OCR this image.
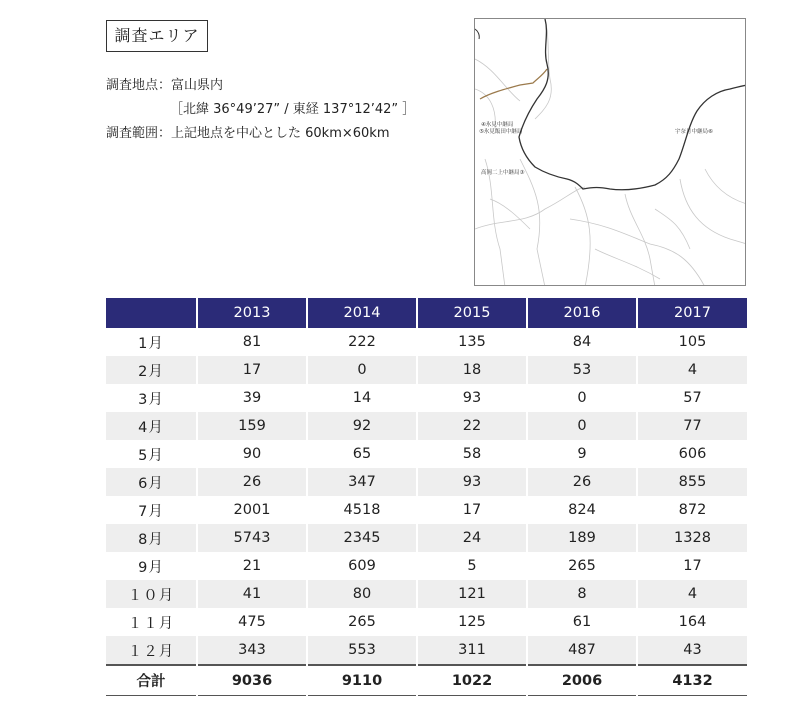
調査エリア
調査地点：富山県内
［北緯 36°49’27” / 東経 137°12’42” ］
調査範囲：上記地点を中心とした 60km×60km
④氷見中継局
⑤氷見飯田中継局	宇奈月中継局⑥
高岡二上中継局③
	2013	2014	2015	2016	2017
1月	81	222	135	84	105
2月	17	0	18	53	4
3月	39	14	93	0	57
4月	159	92	22	0	77
5月	90	65	58	9	606
6月	26	347	93	26	855
7月	2001	4518	17	824	872
8月	5743	2345	24	189	1328
9月	21	609	5	265	17
１０月	41	80	121	8	4
１１月	475	265	125	61	164
１２月	343	553	311	487	43
合計	9036	9110	1022	2006	4132
